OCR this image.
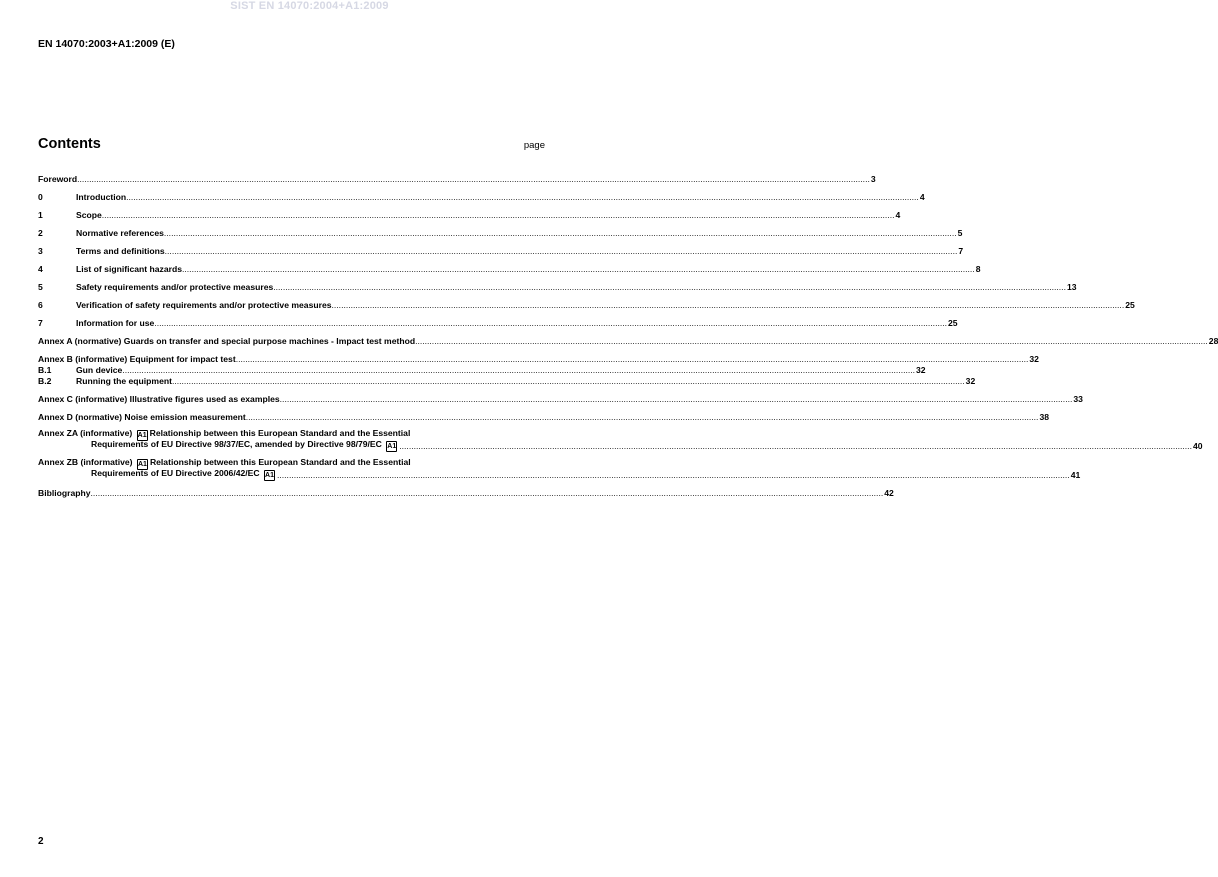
SIST EN 14070:2004+A1:2009
EN 14070:2003+A1:2009 (E)
Contents	page
Foreword .....	3
0	Introduction .....	4
1	Scope .....	4
2	Normative references .....	5
3	Terms and definitions .....	7
4	List of significant hazards .....	8
5	Safety requirements and/or protective measures .....	13
6	Verification of safety requirements and/or protective measures .....	25
7	Information for use .....	25
Annex A (normative) Guards on transfer and special purpose machines - Impact test method .....	28
Annex B (informative) Equipment for impact test .....	32
B.1	Gun device .....	32
B.2	Running the equipment .....	32
Annex C (informative) Illustrative figures used as examples .....	33
Annex D (normative) Noise emission measurement .....	38
Annex ZA (informative) A1 Relationship between this European Standard and the Essential
Requirements of EU Directive 98/37/EC, amended by Directive 98/79/EC A1 .....	40
Annex ZB (informative) A1 Relationship between this European Standard and the Essential
Requirements of EU Directive 2006/42/EC A1 .....	41
Bibliography .....	42
2
